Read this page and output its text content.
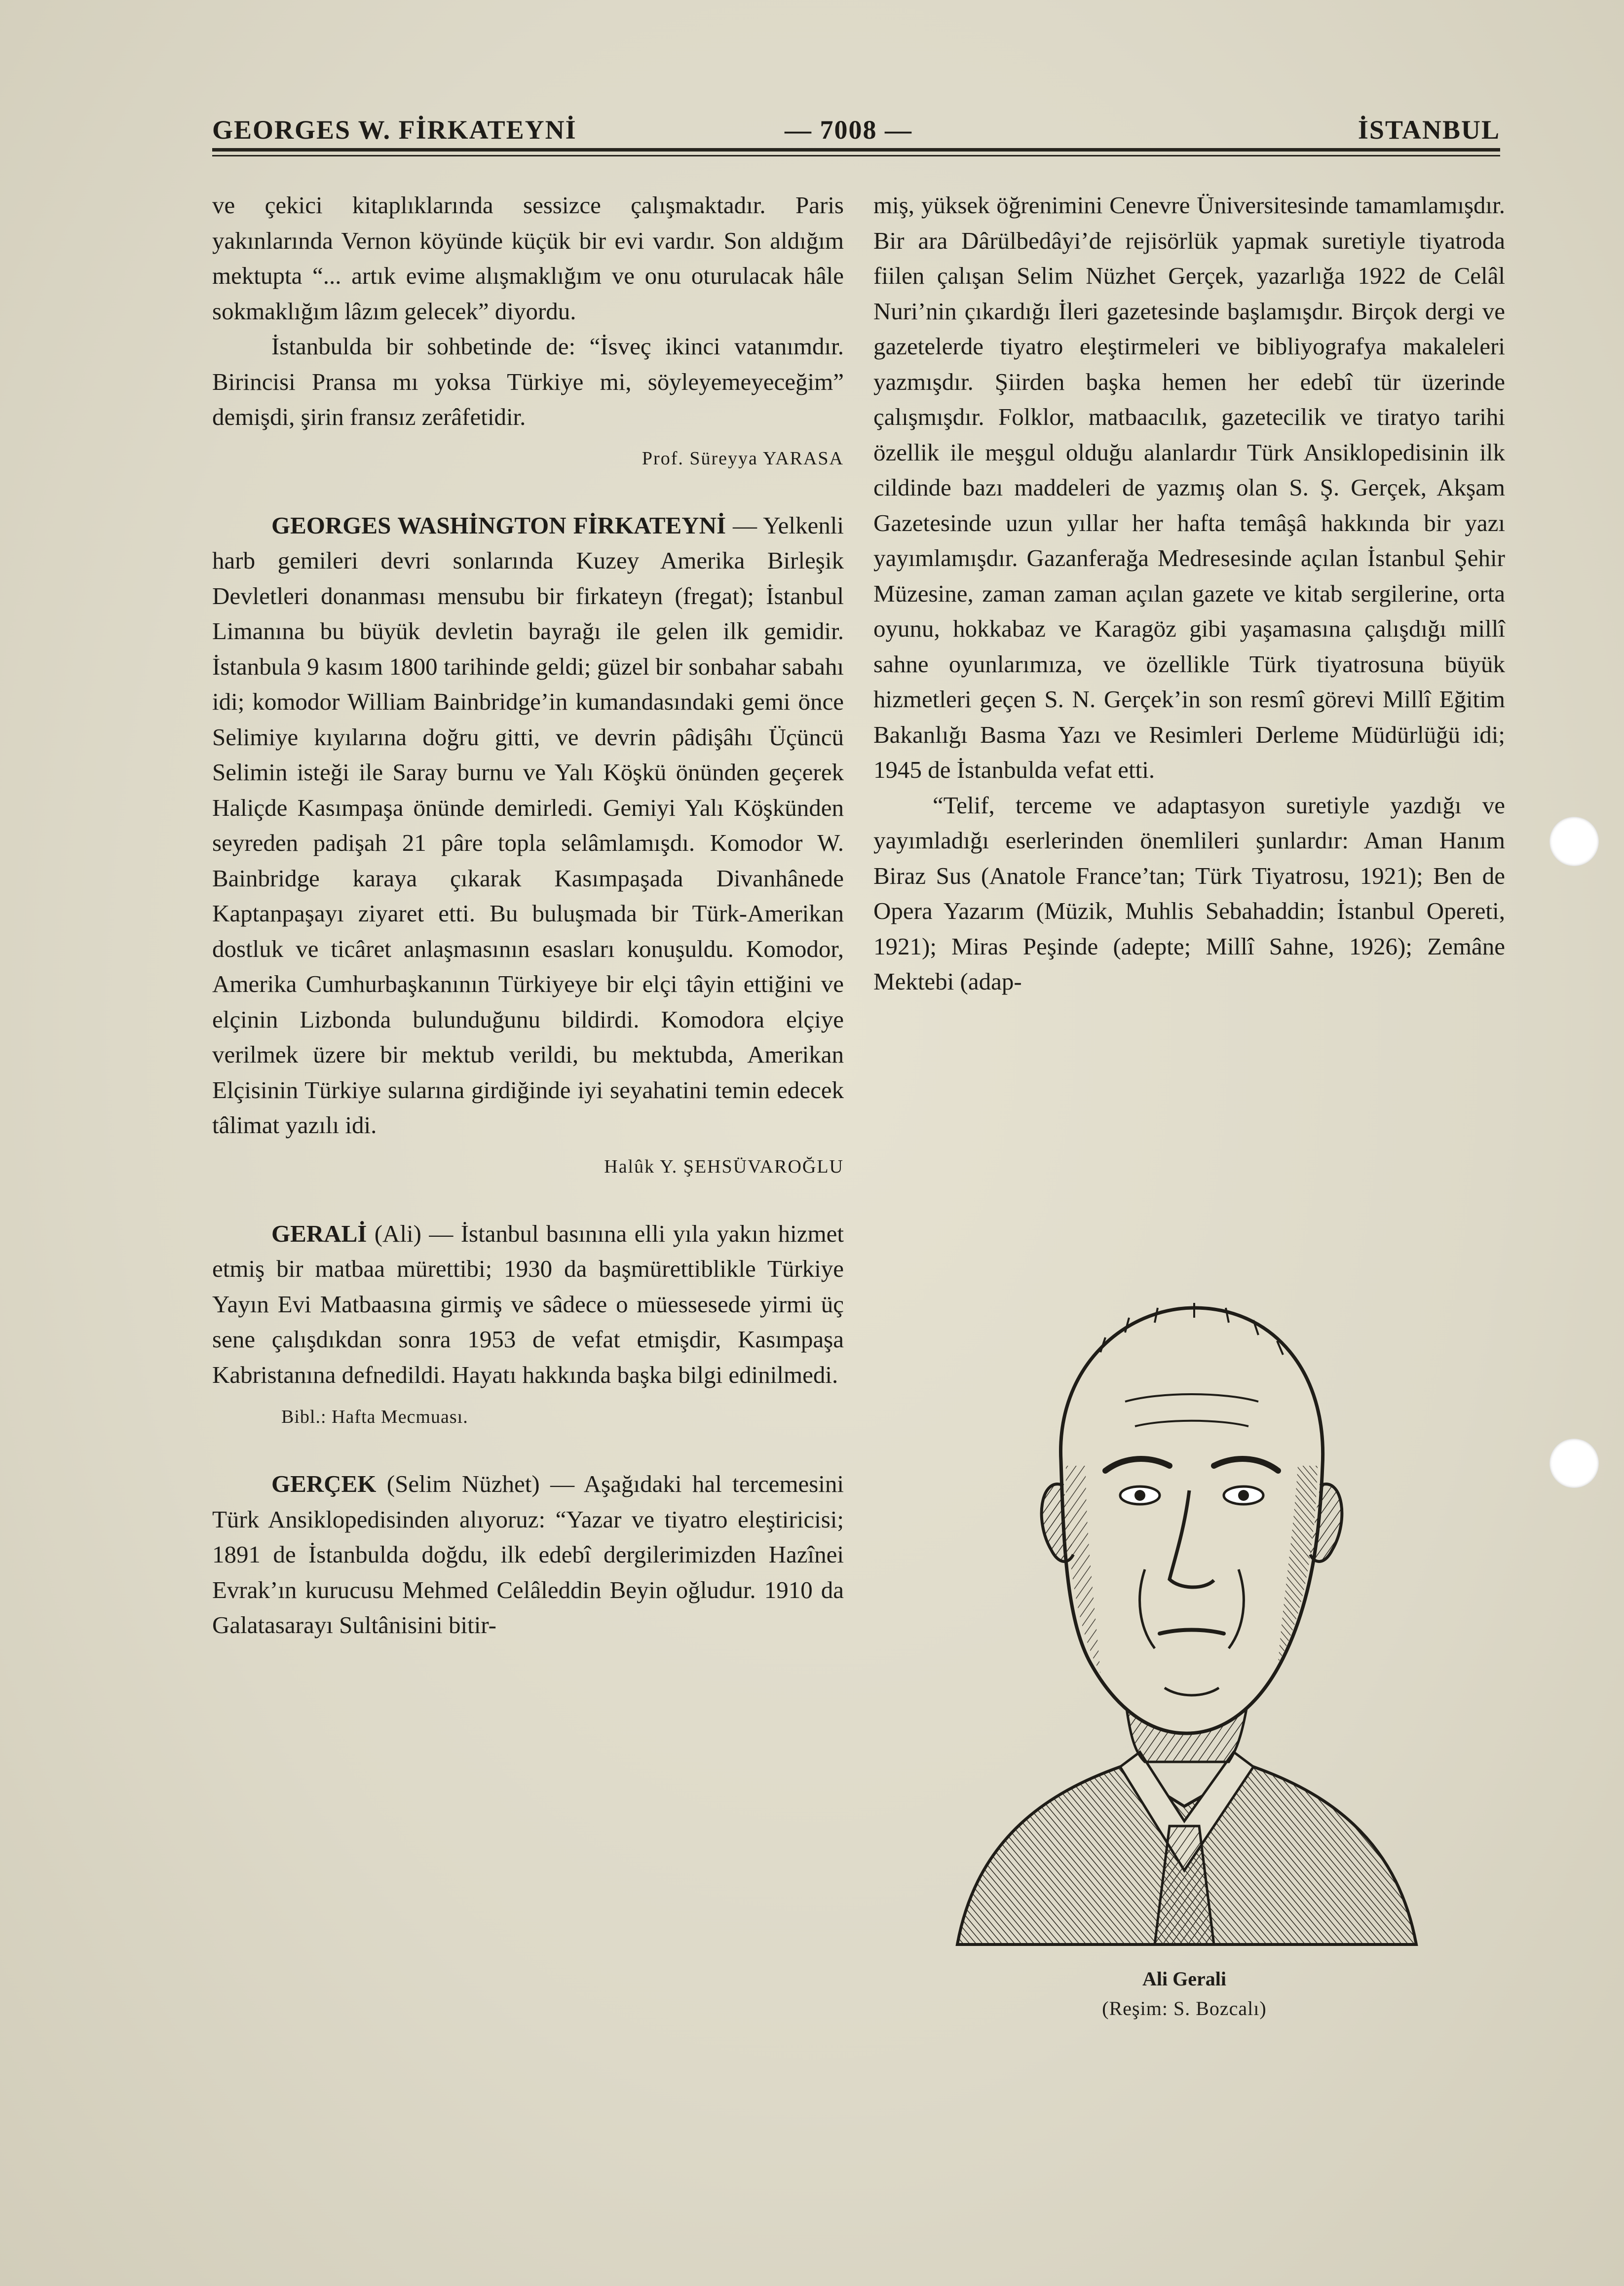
GEORGES W. FİRKATEYNİ	— 7008 —	İSTANBUL

ve çekici kitaplıklarında sessizce çalışmaktadır. Paris yakınlarında Vernon köyünde küçük bir evi vardır. Son aldığım mektupta “... artık evime alışmaklığım ve onu oturulacak hâle sokmaklığım lâzım gelecek” diyordu.

İstanbulda bir sohbetinde de: “İsveç ikinci vatanımdır. Birincisi Pransa mı yoksa Türkiye mi, söyleyemeyeceğim” demişdi, şirin fransız zerâfetidir.

Prof. Süreyya YARASA

GEORGES WASHİNGTON FİRKATEYNİ — Yelkenli harb gemileri devri sonlarında Kuzey Amerika Birleşik Devletleri donanması mensubu bir firkateyn (fregat); İstanbul Limanına bu büyük devletin bayrağı ile gelen ilk gemidir. İstanbula 9 kasım 1800 tarihinde geldi; güzel bir sonbahar sabahı idi; komodor William Bainbridge’in kumandasındaki gemi önce Selimiye kıyılarına doğru gitti, ve devrin pâdişâhı Üçüncü Selimin isteği ile Saray burnu ve Yalı Köşkü önünden geçerek Haliçde Kasımpaşa önünde demirledi. Gemiyi Yalı Köşkünden seyreden padişah 21 pâre topla selâmlamışdı. Komodor W. Bainbridge karaya çıkarak Kasımpaşada Divanhânede Kaptanpaşayı ziyaret etti. Bu buluşmada bir Türk-Amerikan dostluk ve ticâret anlaşmasının esasları konuşuldu. Komodor, Amerika Cumhurbaşkanının Türkiyeye bir elçi tâyin ettiğini ve elçinin Lizbonda bulunduğunu bildirdi. Komodora elçiye verilmek üzere bir mektub verildi, bu mektubda, Amerikan Elçisinin Türkiye sularına girdiğinde iyi seyahatini temin edecek tâlimat yazılı idi.

Halûk Y. ŞEHSÜVAROĞLU

GERALİ (Ali) — İstanbul basınına elli yıla yakın hizmet etmiş bir matbaa mürettibi; 1930 da başmürettiblikle Türkiye Yayın Evi Matbaasına girmiş ve sâdece o müessesede yirmi üç sene çalışdıkdan sonra 1953 de vefat etmişdir, Kasımpaşa Kabristanına defnedildi. Hayatı hakkında başka bilgi edinilmedi.

Bibl.: Hafta Mecmuası.

GERÇEK (Selim Nüzhet) — Aşağıdaki hal tercemesini Türk Ansiklopedisinden alıyoruz: “Yazar ve tiyatro eleştiricisi; 1891 de İstanbulda doğdu, ilk edebî dergilerimizden Hazînei Evrak’ın kurucusu Mehmed Celâleddin Beyin oğludur. 1910 da Galatasarayı Sultânisini bitir-

miş, yüksek öğrenimini Cenevre Üniversitesinde tamamlamışdır. Bir ara Dârülbedâyi’de rejisörlük yapmak suretiyle tiyatroda fiilen çalışan Selim Nüzhet Gerçek, yazarlığa 1922 de Celâl Nuri’nin çıkardığı İleri gazetesinde başlamışdır. Birçok dergi ve gazetelerde tiyatro eleştirmeleri ve bibliyografya makaleleri yazmışdır. Şiirden başka hemen her edebî tür üzerinde çalışmışdır. Folklor, matbaacılık, gazetecilik ve tiratyo tarihi özellik ile meşgul olduğu alanlardır Türk Ansiklopedisinin ilk cildinde bazı maddeleri de yazmış olan S. Ş. Gerçek, Akşam Gazetesinde uzun yıllar her hafta temâşâ hakkında bir yazı yayımlamışdır. Gazanferağa Medresesinde açılan İstanbul Şehir Müzesine, zaman zaman açılan gazete ve kitab sergilerine, orta oyunu, hokkabaz ve Karagöz gibi yaşamasına çalışdığı millî sahne oyunlarımıza, ve özellikle Türk tiyatrosuna büyük hizmetleri geçen S. N. Gerçek’in son resmî görevi Millî Eğitim Bakanlığı Basma Yazı ve Resimleri Derleme Müdürlüğü idi; 1945 de İstanbulda vefat etti.

“Telif, terceme ve adaptasyon suretiyle yazdığı ve yayımladığı eserlerinden önemlileri şunlardır: Aman Hanım Biraz Sus (Anatole France’tan; Türk Tiyatrosu, 1921); Ben de Opera Yazarım (Müzik, Muhlis Sebahaddin; İstanbul Opereti, 1921); Miras Peşinde (adepte; Millî Sahne, 1926); Zemâne Mektebi (adap-

Ali Gerali
(Reşim: S. Bozcalı)
